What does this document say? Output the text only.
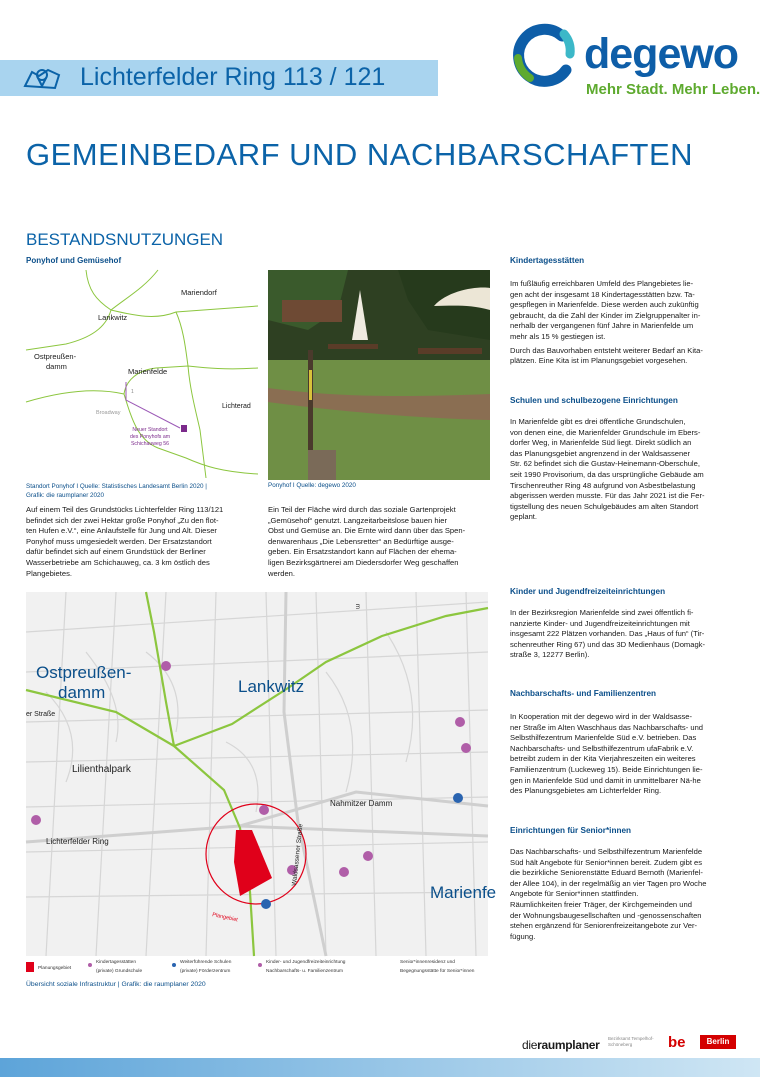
Lichterfelder Ring 113 / 121	degewo
Mehr Stadt. Mehr Leben.
GEMEINBEDARF UND NACHBARSCHAFTEN
BESTANDSNUTZUNGEN
Ponyhof und Gemüsehof
1
Mariendorf
Lankwitz
Ostpreußen-
damm
Marienfelde
Lichterad
Broadway
Neuer Standort
des Ponyhofs am
Schichauweg 56
Standort Ponyhof I Quelle: Statistisches Landesamt Berlin 2020 |
Grafik: die raumplaner 2020
Ponyhof I Quelle: degewo 2020
Auf einem Teil des Grundstücks Lichterfelder Ring 113/121
befindet sich der zwei Hektar große Ponyhof „Zu den flot-
ten Hufen e.V.“, eine Anlaufstelle für Jung und Alt. Dieser
Ponyhof muss umgesiedelt werden. Der Ersatzstandort
dafür befindet sich auf einem Grundstück der Berliner
Wasserbetriebe am Schichauweg, ca. 3 km östlich des
Plangebietes.
Ein Teil der Fläche wird durch das soziale Gartenprojekt
„Gemüsehof“ genutzt. Langzeitarbeitslose bauen hier
Obst und Gemüse an. Die Ernte wird dann über das Spen-
denwarenhaus „Die Lebensretter“ an Bedürftige ausge-
geben. Ein Ersatzstandort kann auf Flächen der ehema-
ligen Bezirksgärtnerei am Diedersdorfer Weg geschaffen
werden.
Ostpreußen-
damm	Lankwitz
er Straße
Lilienthalpark
Nahmitzer Damm
Lichterfelder Ring	Waldsassener Straße
Marienfe
Plangebiet
m
Planungsgebiet
Kindertagesstätten
(private) Grundschule
Weiterführende Schulen
(private) Förderzentrum
Kinder- und Jugendfreizeiteinrichtung
Nachbarschafts- u. Familienzentrum
Senior*innenresidenz und
Begegnungsstätte für Senior*innen
Übersicht soziale Infrastruktur | Grafik: die raumplaner 2020
Kindertagesstätten
Im fußläufig erreichbaren Umfeld des Plangebietes lie-
gen acht der insgesamt 18 Kindertagesstätten bzw. Ta-
gespflegen in Marienfelde. Diese werden auch zukünftig
gebraucht, da die Zahl der Kinder im Zielgruppenalter in-
nerhalb der vergangenen fünf Jahre in Marienfelde um
mehr als 15 % gestiegen ist.
Durch das Bauvorhaben entsteht weiterer Bedarf an Kita-
plätzen. Eine Kita ist im Planungsgebiet vorgesehen.
Schulen und schulbezogene Einrichtungen
In Marienfelde gibt es drei öffentliche Grundschulen,
von denen eine, die Marienfelder Grundschule im Ebers-
dorfer Weg, in Marienfelde Süd liegt. Direkt südlich an
das Planungsgebiet angrenzend in der Waldsassener
Str. 62 befindet sich die Gustav-Heinemann-Oberschule,
seit 1990 Provisorium, da das ursprüngliche Gebäude am
Tirschenreuther Ring 48 aufgrund von Asbestbelastung
abgerissen werden musste. Für das Jahr 2021 ist die Fer-
tigstellung des neuen Schulgebäudes am alten Standort
geplant.
Kinder und Jugendfreizeiteinrichtungen
In der Bezirksregion Marienfelde sind zwei öffentlich fi-
nanzierte Kinder- und Jugendfreizeiteinrichtungen mit
insgesamt 222 Plätzen vorhanden. Das „Haus of fun“ (Tir-
schenreuther Ring 67) und das 3D Medienhaus (Domagk-
straße 3, 12277 Berlin).
Nachbarschafts- und Familienzentren
In Kooperation mit der degewo wird in der Waldsasse-
ner Straße im Alten Waschhaus das Nachbarschafts- und
Selbsthilfezentrum Marienfelde Süd e.V. betrieben. Das
Nachbarschafts- und Selbsthilfezentrum ufaFabrik e.V.
betreibt zudem in der Kita Vierjahreszeiten ein weiteres
Familienzentrum (Luckeweg 15). Beide Einrichtungen lie-
gen in Marienfelde Süd und damit in unmittelbarer Nä-he
des Planungsgebietes am Lichterfelder Ring.
Einrichtungen für Senior*innen
Das Nachbarschafts- und Selbsthilfezentrum Marienfelde
Süd hält Angebote für Senior*innen bereit. Zudem gibt es
die bezirkliche Seniorenstätte Eduard Bernoth (Marienfel-
der Allee 104), in der regelmäßig an vier Tagen pro Woche
Angebote für Senior*innen stattfinden.
Räumlichkeiten freier Träger, der Kirchgemeinden und
der Wohnungsbaugesellschaften und -genossenschaften
stehen ergänzend für Seniorenfreizeitangebote zur Ver-
fügung.
dieraumplaner Bezirksamt Tempelhof-Schöneberg	be	Berlin
